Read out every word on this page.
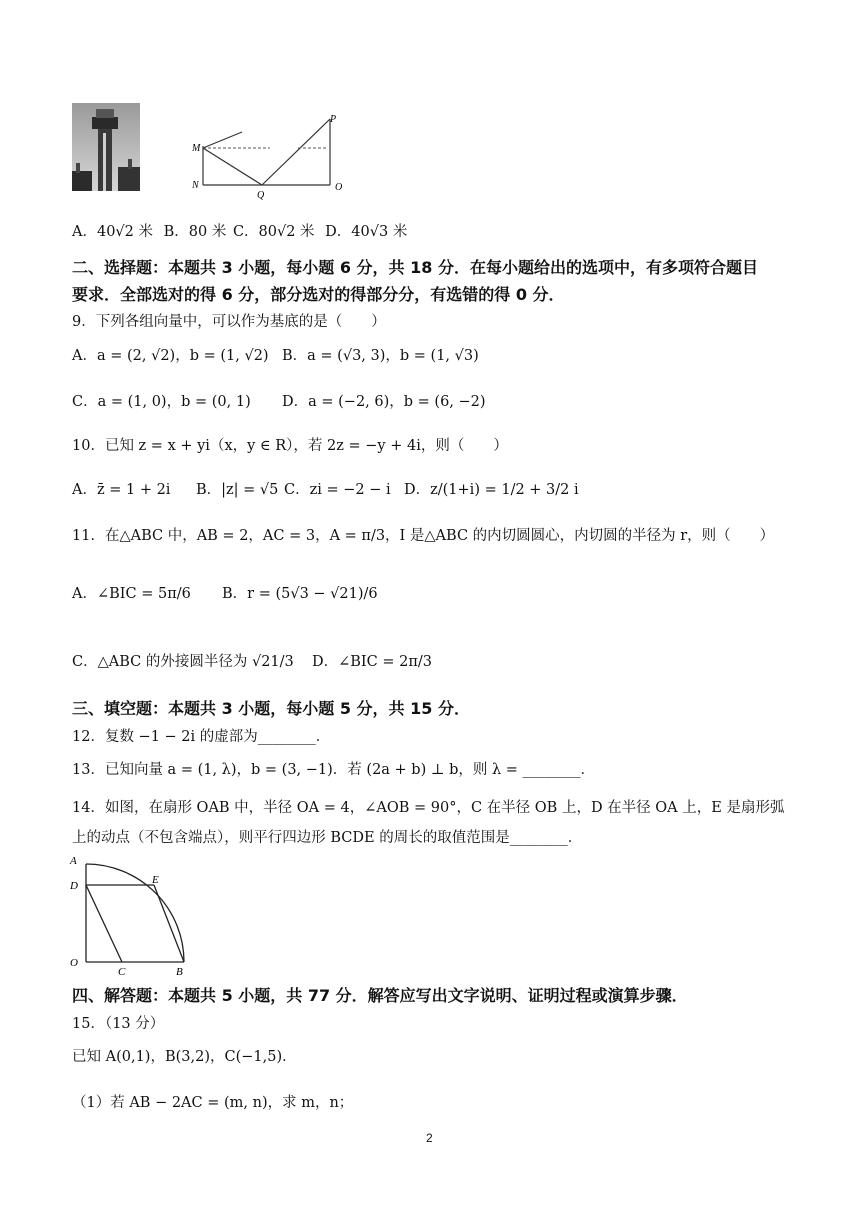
M
N
Q
P
O
A．40√2 米 B．80 米 C．80√2 米 D．40√3 米
二、选择题：本题共 3 小题，每小题 6 分，共 18 分．在每小题给出的选项中，有多项符合题目
要求．全部选对的得 6 分，部分选对的得部分分，有选错的得 0 分．
9．下列各组向量中，可以作为基底的是（　　）
A．a = (2, √2)，b = (1, √2) B．a = (√3, 3)，b = (1, √3)
C．a = (1, 0)，b = (0, 1) D．a = (−2, 6)，b = (6, −2)
10．已知 z = x + yi（x，y ∈ R），若 2z = −y + 4i，则（　　）
A．z̄ = 1 + 2i B．|z| = √5 C．zi = −2 − i D．z/(1+i) = 1/2 + 3/2 i
11．在△ABC 中，AB = 2，AC = 3，A = π/3，I 是△ABC 的内切圆圆心，内切圆的半径为 r，则（　　）
A．∠BIC = 5π/6 B．r = (5√3 − √21)/6
C．△ABC 的外接圆半径为 √21/3 D．∠BIC = 2π/3
三、填空题：本题共 3 小题，每小题 5 分，共 15 分．
12．复数 −1 − 2i 的虚部为________．
13．已知向量 a = (1, λ)，b = (3, −1)．若 (2a + b) ⊥ b，则 λ = ________．
14．如图，在扇形 OAB 中，半径 OA = 4，∠AOB = 90°，C 在半径 OB 上，D 在半径 OA 上，E 是扇形弧
上的动点（不包含端点），则平行四边形 BCDE 的周长的取值范围是________．
A
D	E
O
C	B
四、解答题：本题共 5 小题，共 77 分．解答应写出文字说明、证明过程或演算步骤．
15．（13 分）
已知 A(0,1)，B(3,2)，C(−1,5)．
（1）若 AB − 2AC = (m, n)，求 m，n；
2
